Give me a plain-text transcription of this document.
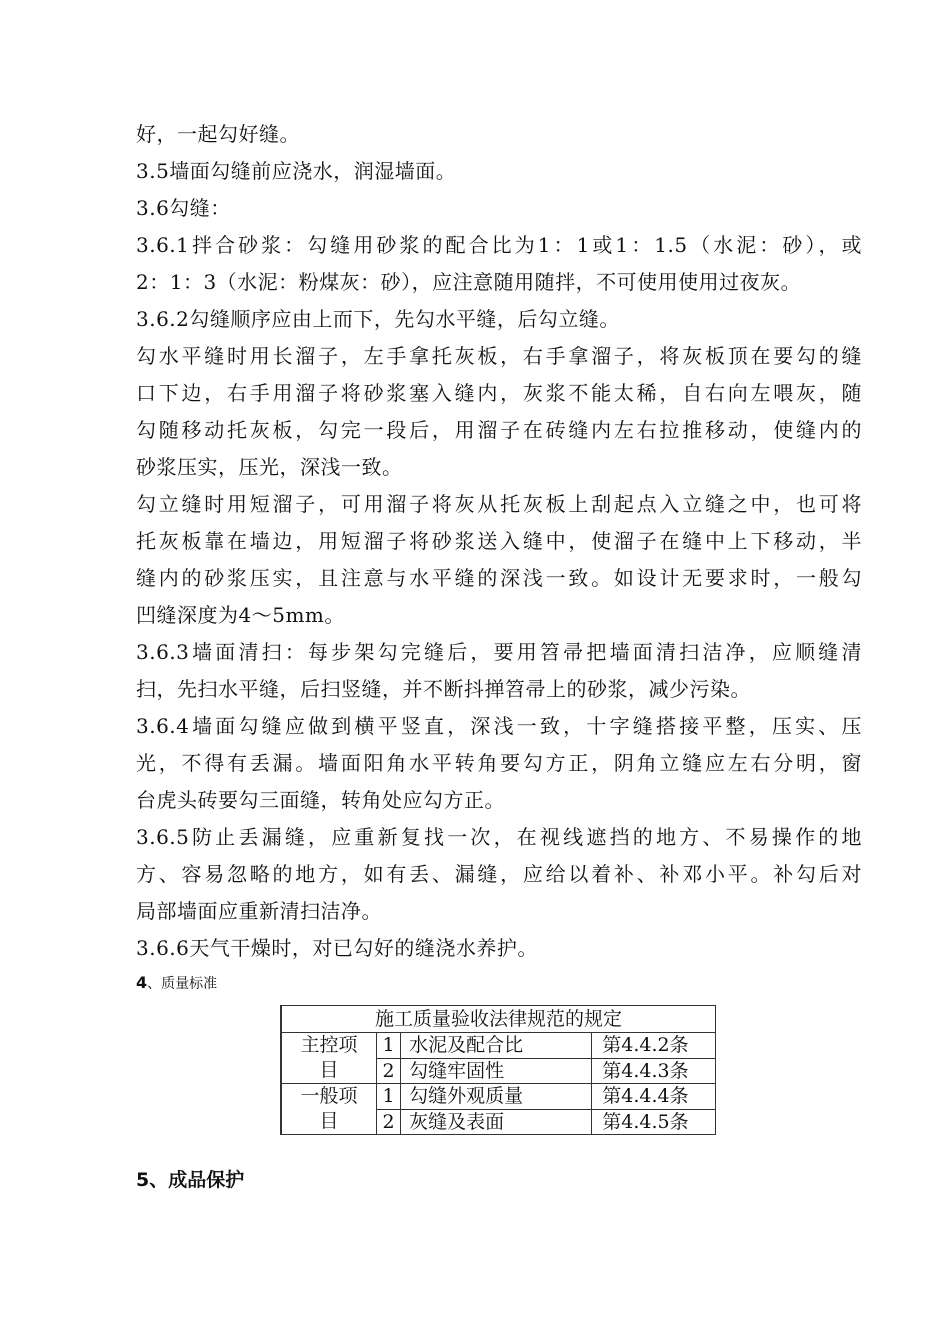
好，一起勾好缝。
3.5墙面勾缝前应浇水，润湿墙面。
3.6勾缝：
3.6.1拌合砂浆：勾缝用砂浆的配合比为1：1或1：1.5（水泥：砂），或
2：1：3（水泥：粉煤灰：砂），应注意随用随拌，不可使用使用过夜灰。
3.6.2勾缝顺序应由上而下，先勾水平缝，后勾立缝。
勾水平缝时用长溜子，左手拿托灰板，右手拿溜子，将灰板顶在要勾的缝
口下边，右手用溜子将砂浆塞入缝内，灰浆不能太稀，自右向左喂灰，随
勾随移动托灰板，勾完一段后，用溜子在砖缝内左右拉推移动，使缝内的
砂浆压实，压光，深浅一致。
勾立缝时用短溜子，可用溜子将灰从托灰板上刮起点入立缝之中，也可将
托灰板靠在墙边，用短溜子将砂浆送入缝中，使溜子在缝中上下移动，半
缝内的砂浆压实，且注意与水平缝的深浅一致。如设计无要求时，一般勾
凹缝深度为4～5mm。
3.6.3墙面清扫：每步架勾完缝后，要用笤帚把墙面清扫洁净，应顺缝清
扫，先扫水平缝，后扫竖缝，并不断抖掸笤帚上的砂浆，减少污染。
3.6.4墙面勾缝应做到横平竖直，深浅一致，十字缝搭接平整，压实、压
光，不得有丢漏。墙面阳角水平转角要勾方正，阴角立缝应左右分明，窗
台虎头砖要勾三面缝，转角处应勾方正。
3.6.5防止丢漏缝，应重新复找一次，在视线遮挡的地方、不易操作的地
方、容易忽略的地方，如有丢、漏缝，应给以着补、补邓小平。补勾后对
局部墙面应重新清扫洁净。
3.6.6天气干燥时，对已勾好的缝浇水养护。
4、质量标准
施工质量验收法律规范的规定			

主控项
目	1	水泥及配合比	第4.4.2条
	2	勾缝牢固性	第4.4.3条

一般项
目	1	勾缝外观质量	第4.4.4条
	2	灰缝及表面	第4.4.5条
5、成品保护
